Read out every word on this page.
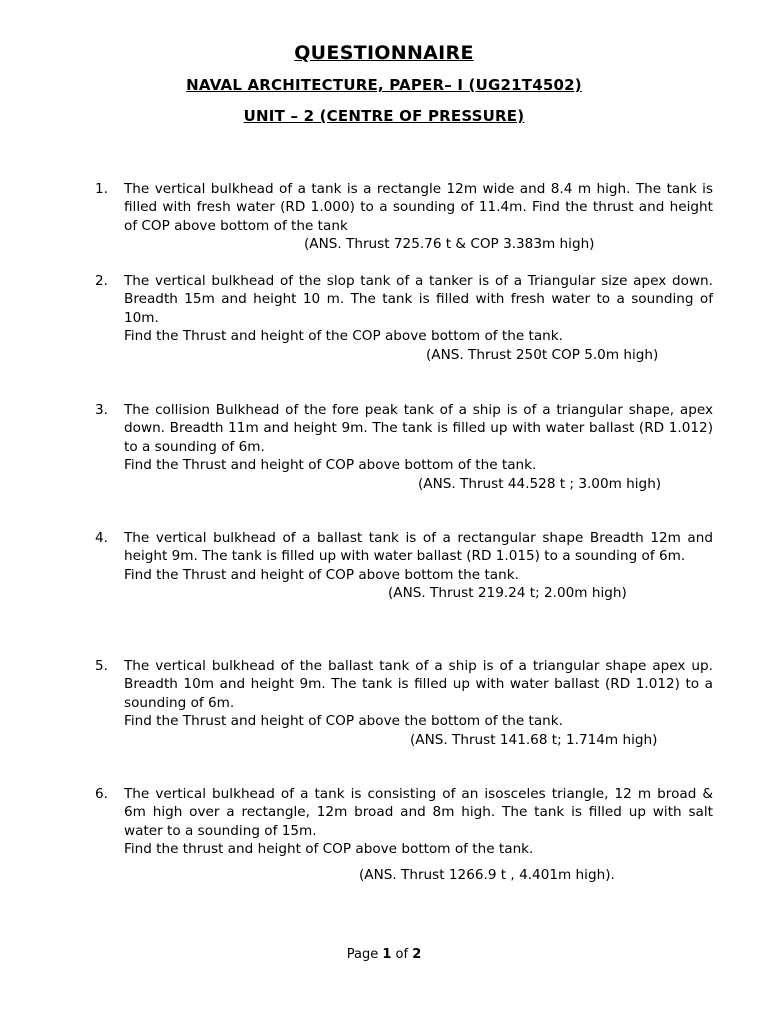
QUESTIONNAIRE
NAVAL ARCHITECTURE, PAPER– I (UG21T4502)
UNIT – 2 (CENTRE OF PRESSURE)
1. The vertical bulkhead of a tank is a rectangle 12m wide and 8.4 m high. The tank is filled with fresh water (RD 1.000) to a sounding of 11.4m. Find the thrust and height of COP above bottom of the tank
(ANS. Thrust 725.76 t & COP 3.383m high)
2. The vertical bulkhead of the slop tank of a tanker is of a Triangular size apex down. Breadth 15m and height 10 m. The tank is filled with fresh water to a sounding of 10m.
Find the Thrust and height of the COP above bottom of the tank.
(ANS. Thrust 250t COP 5.0m high)
3. The collision Bulkhead of the fore peak tank of a ship is of a triangular shape, apex down. Breadth 11m and height 9m. The tank is filled up with water ballast (RD 1.012) to a sounding of 6m.
Find the Thrust and height of COP above bottom of the tank.
(ANS. Thrust 44.528 t ; 3.00m high)
4. The vertical bulkhead of a ballast tank is of a rectangular shape Breadth 12m and height 9m. The tank is filled up with water ballast (RD 1.015) to a sounding of 6m.
Find the Thrust and height of COP above bottom the tank.
(ANS. Thrust 219.24 t; 2.00m high)
5. The vertical bulkhead of the ballast tank of a ship is of a triangular shape apex up. Breadth 10m and height 9m. The tank is filled up with water ballast (RD 1.012) to a sounding of 6m.
Find the Thrust and height of COP above the bottom of the tank.
(ANS. Thrust 141.68 t; 1.714m high)
6. The vertical bulkhead of a tank is consisting of an isosceles triangle, 12 m broad & 6m high over a rectangle, 12m broad and 8m high. The tank is filled up with salt water to a sounding of 15m.
Find the thrust and height of COP above bottom of the tank.
(ANS. Thrust 1266.9 t , 4.401m high).
Page 1 of 2
